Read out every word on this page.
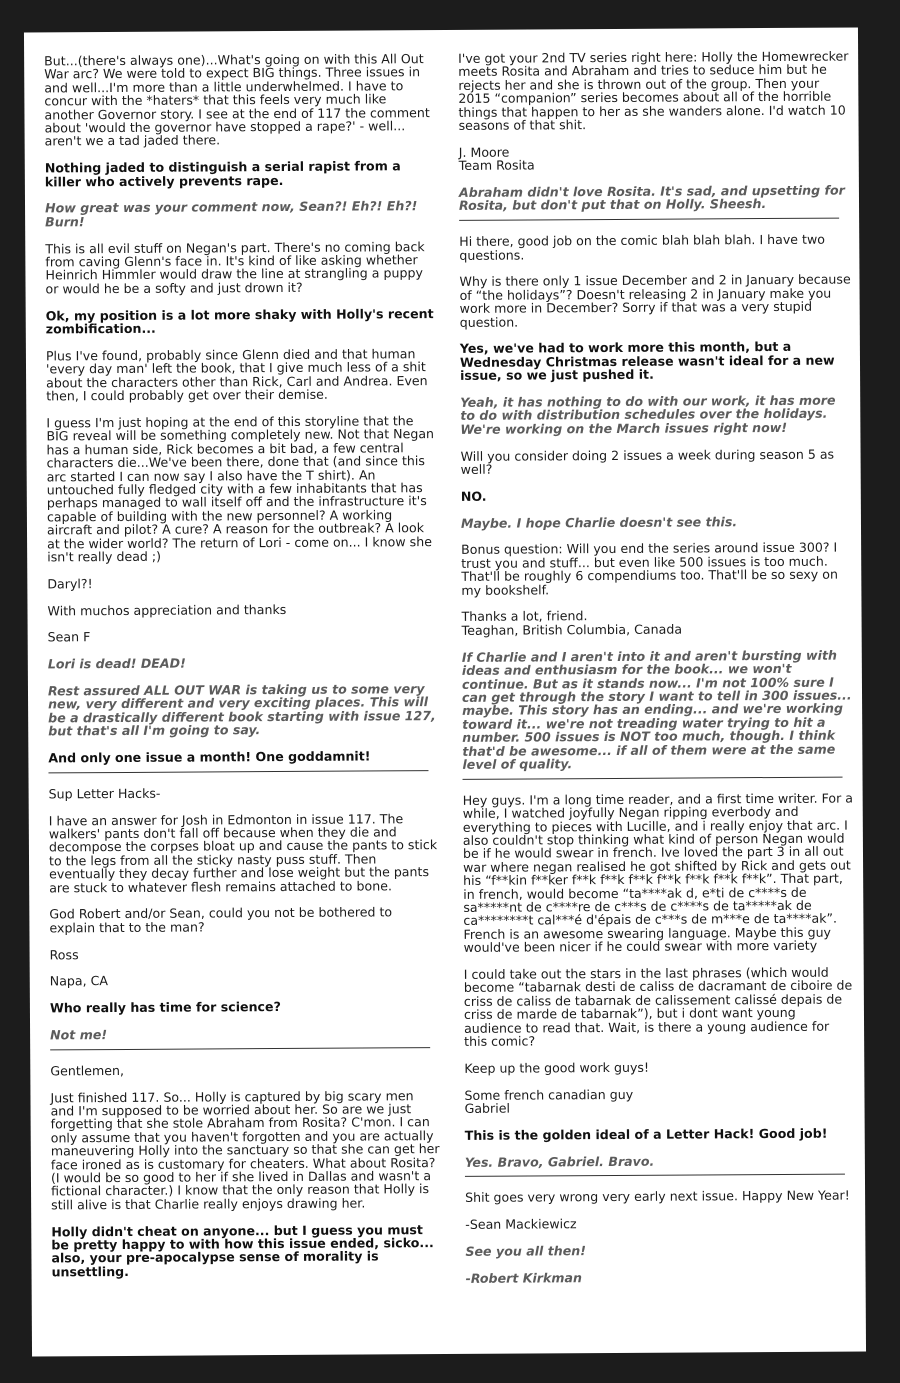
But...(there's always one)...What's going on with this All Out War arc? We were told to expect BIG things. Three issues in and well...I'm more than a little underwhelmed. I have to concur with the *haters* that this feels very much like another Governor story. I see at the end of 117 the comment about 'would the governor have stopped a rape?' - well... aren't we a tad jaded there.

Nothing jaded to distinguish a serial rapist from a killer who actively prevents rape.

How great was your comment now, Sean?! Eh?! Eh?! Burn!

This is all evil stuff on Negan's part. There's no coming back from caving Glenn's face in. It's kind of like asking whether Heinrich Himmler would draw the line at strangling a puppy or would he be a softy and just drown it?

Ok, my position is a lot more shaky with Holly's recent zombification...

Plus I've found, probably since Glenn died and that human 'every day man' left the book, that I give much less of a shit about the characters other than Rick, Carl and Andrea. Even then, I could probably get over their demise.

I guess I'm just hoping at the end of this storyline that the BIG reveal will be something completely new. Not that Negan has a human side, Rick becomes a bit bad, a few central characters die...We've been there, done that (and since this arc started I can now say I also have the T shirt). An untouched fully fledged city with a few inhabitants that has perhaps managed to wall itself off and the infrastructure it's capable of building with the new personnel? A working aircraft and pilot? A cure? A reason for the outbreak? A look at the wider world? The return of Lori - come on... I know she isn't really dead ;)

Daryl?!

With muchos appreciation and thanks

Sean F

Lori is dead! DEAD!

Rest assured ALL OUT WAR is taking us to some very new, very different and very exciting places. This will be a drastically different book starting with issue 127, but that's all I'm going to say.

And only one issue a month! One goddamnit!

Sup Letter Hacks-

I have an answer for Josh in Edmonton in issue 117. The walkers' pants don't fall off because when they die and decompose the corpses bloat up and cause the pants to stick to the legs from all the sticky nasty puss stuff. Then eventually they decay further and lose weight but the pants are stuck to whatever flesh remains attached to bone.

God Robert and/or Sean, could you not be bothered to explain that to the man?

Ross

Napa, CA

Who really has time for science?

Not me!

Gentlemen,

Just finished 117. So... Holly is captured by big scary men and I'm supposed to be worried about her. So are we just forgetting that she stole Abraham from Rosita? C'mon. I can only assume that you haven't forgotten and you are actually maneuvering Holly into the sanctuary so that she can get her face ironed as is customary for cheaters. What about Rosita? (I would be so good to her if she lived in Dallas and wasn't a fictional character.) I know that the only reason that Holly is still alive is that Charlie really enjoys drawing her.

Holly didn't cheat on anyone... but I guess you must be pretty happy to with how this issue ended, sicko... also, your pre-apocalypse sense of morality is unsettling.

I've got your 2nd TV series right here: Holly the Homewrecker meets Rosita and Abraham and tries to seduce him but he rejects her and she is thrown out of the group. Then your 2015 “companion” series becomes about all of the horrible things that happen to her as she wanders alone. I'd watch 10 seasons of that shit.

J. Moore
Team Rosita

Abraham didn't love Rosita. It's sad, and upsetting for Rosita, but don't put that on Holly. Sheesh.

Hi there, good job on the comic blah blah blah. I have two questions.

Why is there only 1 issue December and 2 in January because of “the holidays”? Doesn't releasing 2 in January make you work more in December? Sorry if that was a very stupid question.

Yes, we've had to work more this month, but a Wednesday Christmas release wasn't ideal for a new issue, so we just pushed it.

Yeah, it has nothing to do with our work, it has more to do with distribution schedules over the holidays. We're working on the March issues right now!

Will you consider doing 2 issues a week during season 5 as well?

NO.

Maybe. I hope Charlie doesn't see this.

Bonus question: Will you end the series around issue 300? I trust you and stuff... but even like 500 issues is too much. That'll be roughly 6 compendiums too. That'll be so sexy on my bookshelf.

Thanks a lot, friend.
Teaghan, British Columbia, Canada

If Charlie and I aren't into it and aren't bursting with ideas and enthusiasm for the book... we won't continue. But as it stands now... I'm not 100% sure I can get through the story I want to tell in 300 issues... maybe. This story has an ending... and we're working toward it... we're not treading water trying to hit a number. 500 issues is NOT too much, though. I think that'd be awesome... if all of them were at the same level of quality.

Hey guys. I'm a long time reader, and a first time writer. For a while, I watched joyfully Negan ripping everbody and everything to pieces with Lucille, and i really enjoy that arc. I also couldn't stop thinking what kind of person Negan would be if he would swear in french. Ive loved the part 3 in all out war where negan realised he got shifted by Rick and gets out his “f**kin f**ker f**k f**k f**k f**k f**k f**k f**k”. That part, in french, would become “ta****ak d, e*ti de c****s de sa*****nt de c****re de c***s de c****s de ta*****ak de ca********t cal***é d'épais de c***s de m***e de ta****ak”. French is an awesome swearing language. Maybe this guy would've been nicer if he could swear with more variety

I could take out the stars in the last phrases (which would become “tabarnak desti de caliss de dacramant de ciboire de criss de caliss de tabarnak de calissement calissé depais de criss de marde de tabarnak”), but i dont want young audience to read that. Wait, is there a young audience for this comic?

Keep up the good work guys!

Some french canadian guy
Gabriel

This is the golden ideal of a Letter Hack! Good job!

Yes. Bravo, Gabriel. Bravo.

Shit goes very wrong very early next issue. Happy New Year!

-Sean Mackiewicz

See you all then!

-Robert Kirkman
